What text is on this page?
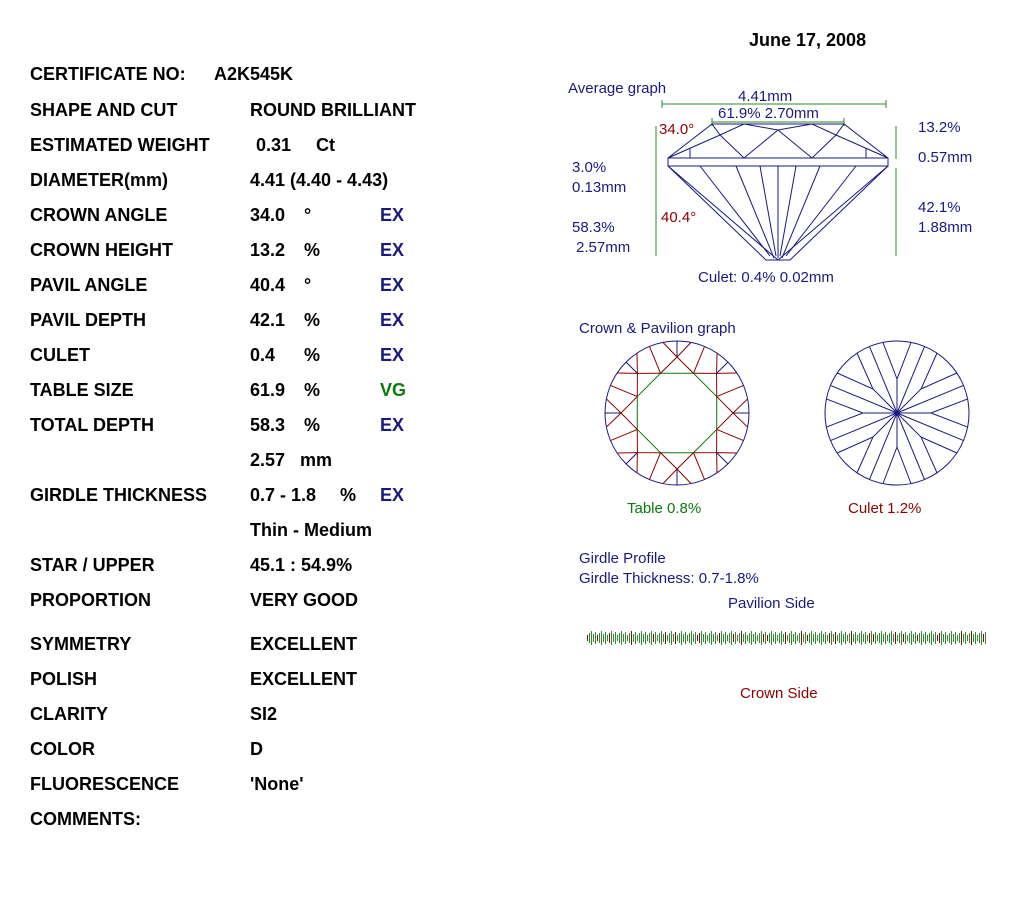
June 17, 2008
CERTIFICATE NO: A2K545K
SHAPE AND CUT	ROUND BRILLIANT
ESTIMATED WEIGHT	0.31 Ct
DIAMETER(mm)	4.41 (4.40 - 4.43)
CROWN ANGLE	34.0 °	EX
CROWN HEIGHT	13.2 %	EX
PAVIL ANGLE	40.4 °	EX
PAVIL DEPTH	42.1 %	EX
CULET	0.4 %	EX
TABLE SIZE	61.9 %	VG
TOTAL DEPTH	58.3 %	EX
2.57 mm
GIRDLE THICKNESS 0.7 - 1.8 % EX
Thin - Medium
STAR / UPPER	45.1 : 54.9%
PROPORTION	VERY GOOD
SYMMETRY	EXCELLENT
POLISH	EXCELLENT
CLARITY	SI2
COLOR	D
FLUORESCENCE	'None'
COMMENTS:
Average graph	4.41mm
61.9% 2.70mm
34.0°	13.2%
0.57mm
3.0%
0.13mm
40.4°
42.1%
1.88mm
58.3%
2.57mm
Culet: 0.4% 0.02mm
Crown & Pavilion graph
Table 0.8%	Culet 1.2%
Girdle Profile
Girdle Thickness: 0.7-1.8%
Pavilion Side
Crown Side
